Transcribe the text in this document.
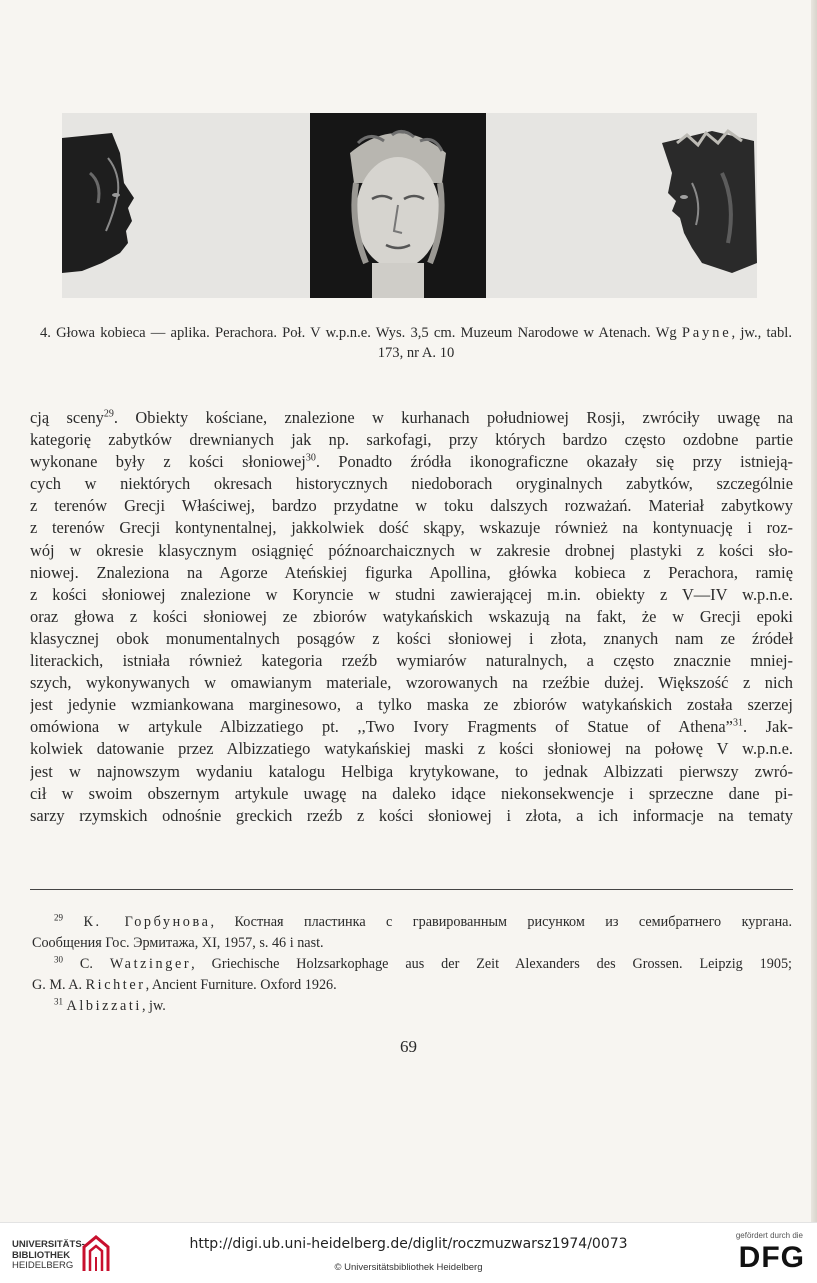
4. Głowa kobieca — aplika. Perachora. Poł. V w.p.n.e. Wys. 3,5 cm. Muzeum Narodowe w Atenach. Wg Payne, jw., tabl. 173, nr A. 10
cją sceny$^{29}$. Obiekty kościane, znalezione w kurhanach południowej Rosji, zwróciły uwagę na
kategorię zabytków drewnianych jak np. sarkofagi, przy których bardzo często ozdobne partie
wykonane były z kości słoniowej$^{30}$. Ponadto źródła ikonograficzne okazały się przy istnieją-
cych w niektórych okresach historycznych niedoborach oryginalnych zabytków, szczególnie
z terenów Grecji Właściwej, bardzo przydatne w toku dalszych rozważań. Materiał zabytkowy
z terenów Grecji kontynentalnej, jakkolwiek dość skąpy, wskazuje również na kontynuację i roz-
wój w okresie klasycznym osiągnięć późnoarchaicznych w zakresie drobnej plastyki z kości sło-
niowej. Znaleziona na Agorze Ateńskiej figurka Apollina, główka kobieca z Perachora, ramię
z kości słoniowej znalezione w Koryncie w studni zawierającej m.in. obiekty z V—IV w.p.n.e.
oraz głowa z kości słoniowej ze zbiorów watykańskich wskazują na fakt, że w Grecji epoki
klasycznej obok monumentalnych posągów z kości słoniowej i złota, znanych nam ze źródeł
literackich, istniała również kategoria rzeźb wymiarów naturalnych, a często znacznie mniej-
szych, wykonywanych w omawianym materiale, wzorowanych na rzeźbie dużej. Większość z nich
jest jedynie wzmiankowana marginesowo, a tylko maska ze zbiorów watykańskich została szerzej
omówiona w artykule Albizzatiego pt. ,,Two Ivory Fragments of Statue of Athena”$^{31}$. Jak-
kolwiek datowanie przez Albizzatiego watykańskiej maski z kości słoniowej na połowę V w.p.n.e.
jest w najnowszym wydaniu katalogu Helbiga krytykowane, to jednak Albizzati pierwszy zwró-
cił w swoim obszernym artykule uwagę na daleko idące niekonsekwencje i sprzeczne dane pi-
sarzy rzymskich odnośnie greckich rzeźb z kości słoniowej i złota, a ich informacje na tematy
$^{29}$ К. Горбунова, Костная пластинка с гравированным рисунком из семибратнего кургана.
Сообщения Гос. Эрмитажа, XI, 1957, s. 46 i nast.
$^{30}$ C. Watzinger, Griechische Holzsarkophage aus der Zeit Alexanders des Grossen. Leipzig 1905;
G. M. A. Richter, Ancient Furniture. Oxford 1926.
$^{31}$ Albizzati, jw.
69
UNIVERSITÄTS-
BIBLIOTHEK
HEIDELBERG
http://digi.ub.uni-heidelberg.de/diglit/roczmuzwarsz1974/0073
© Universitätsbibliothek Heidelberg
gefördert durch die
DFG
